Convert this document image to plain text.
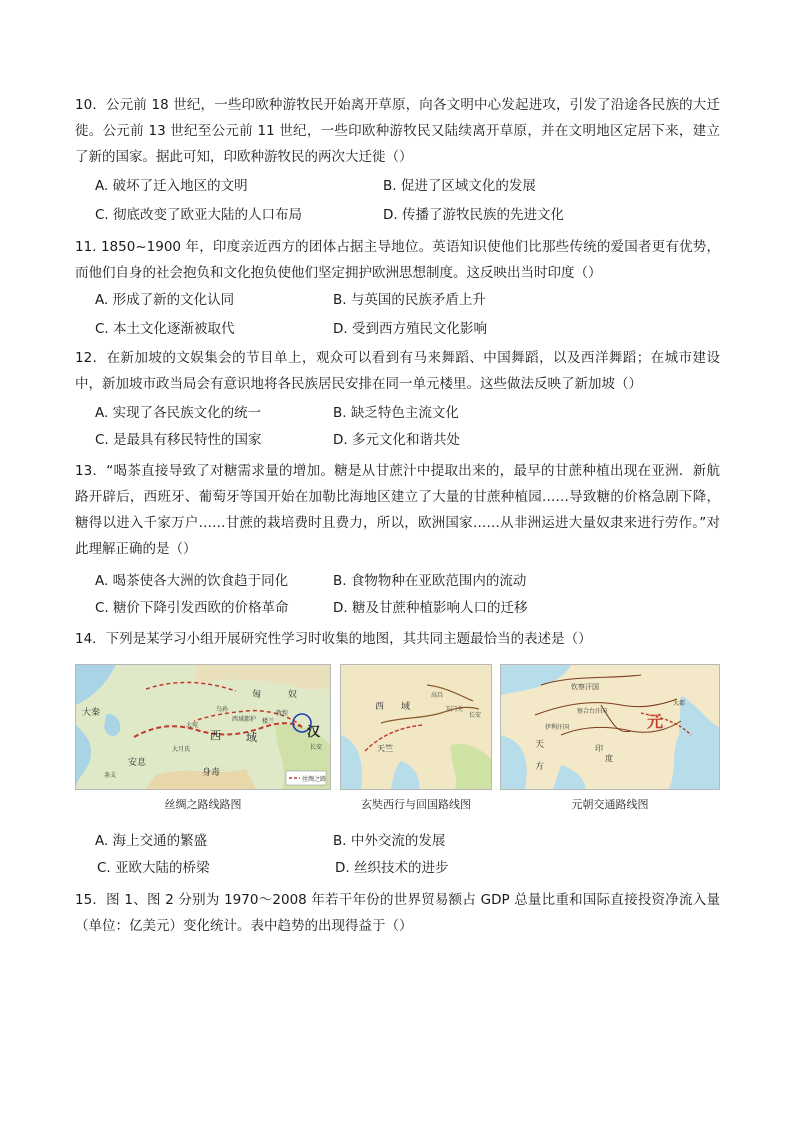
10．公元前 18 世纪，一些印欧种游牧民开始离开草原，向各文明中心发起进攻，引发了沿途各民族的大迁徙。公元前 13 世纪至公元前 11 世纪，一些印欧种游牧民又陆续离开草原，并在文明地区定居下来，建立了新的国家。据此可知，印欧种游牧民的两次大迁徙（）

A. 破坏了迁入地区的文明	B. 促进了区域文化的发展
C. 彻底改变了欧亚大陆的人口布局	D. 传播了游牧民族的先进文化

11. 1850~1900 年，印度亲近西方的团体占据主导地位。英语知识使他们比那些传统的爱国者更有优势，而他们自身的社会抱负和文化抱负使他们坚定拥护欧洲思想制度。这反映出当时印度（）

A. 形成了新的文化认同	B. 与英国的民族矛盾上升
C. 本土文化逐渐被取代	D. 受到西方殖民文化影响

12．在新加坡的文娱集会的节目单上，观众可以看到有马来舞蹈、中国舞蹈，以及西洋舞蹈；在城市建设中，新加坡市政当局会有意识地将各民族居民安排在同一单元楼里。这些做法反映了新加坡（）

A. 实现了各民族文化的统一	B. 缺乏特色主流文化
C. 是最具有移民特性的国家	D. 多元文化和谐共处

13．“喝茶直接导致了对糖需求量的增加。糖是从甘蔗汁中提取出来的，最早的甘蔗种植出现在亚洲．新航路开辟后，西班牙、葡萄牙等国开始在加勒比海地区建立了大量的甘蔗种植园……导致糖的价格急剧下降，糖得以进入千家万户……甘蔗的栽培费时且费力，所以，欧洲国家……从非洲运进大量奴隶来进行劳作。”对此理解正确的是（）

A. 喝茶使各大洲的饮食趋于同化	B. 食物物种在亚欧范围内的流动
C. 糖价下降引发西欧的价格革命	D. 糖及甘蔗种植影响人口的迁移

14．下列是某学习小组开展研究性学习时收集的地图，其共同主题最恰当的表述是（）

匈	奴
汉
长安
西 域
乌孙
大宛
大月氏
安息
条支
大秦
身毒
敦煌
楼兰
西域都护
丝绸之路
丝绸之路线路图
西 域
长安
天竺
高昌
玉门关
玄奘西行与回国路线图
钦察汗国
察合台汗国
伊利汗国	元
大都
天
方
印
度
元朝交通路线图
A. 海上交通的繁盛	B. 中外交流的发展
C. 亚欧大陆的桥梁	D. 丝织技术的进步

15．图 1、图 2 分别为 1970～2008 年若干年份的世界贸易额占 GDP 总量比重和国际直接投资净流入量（单位：亿美元）变化统计。表中趋势的出现得益于（）
